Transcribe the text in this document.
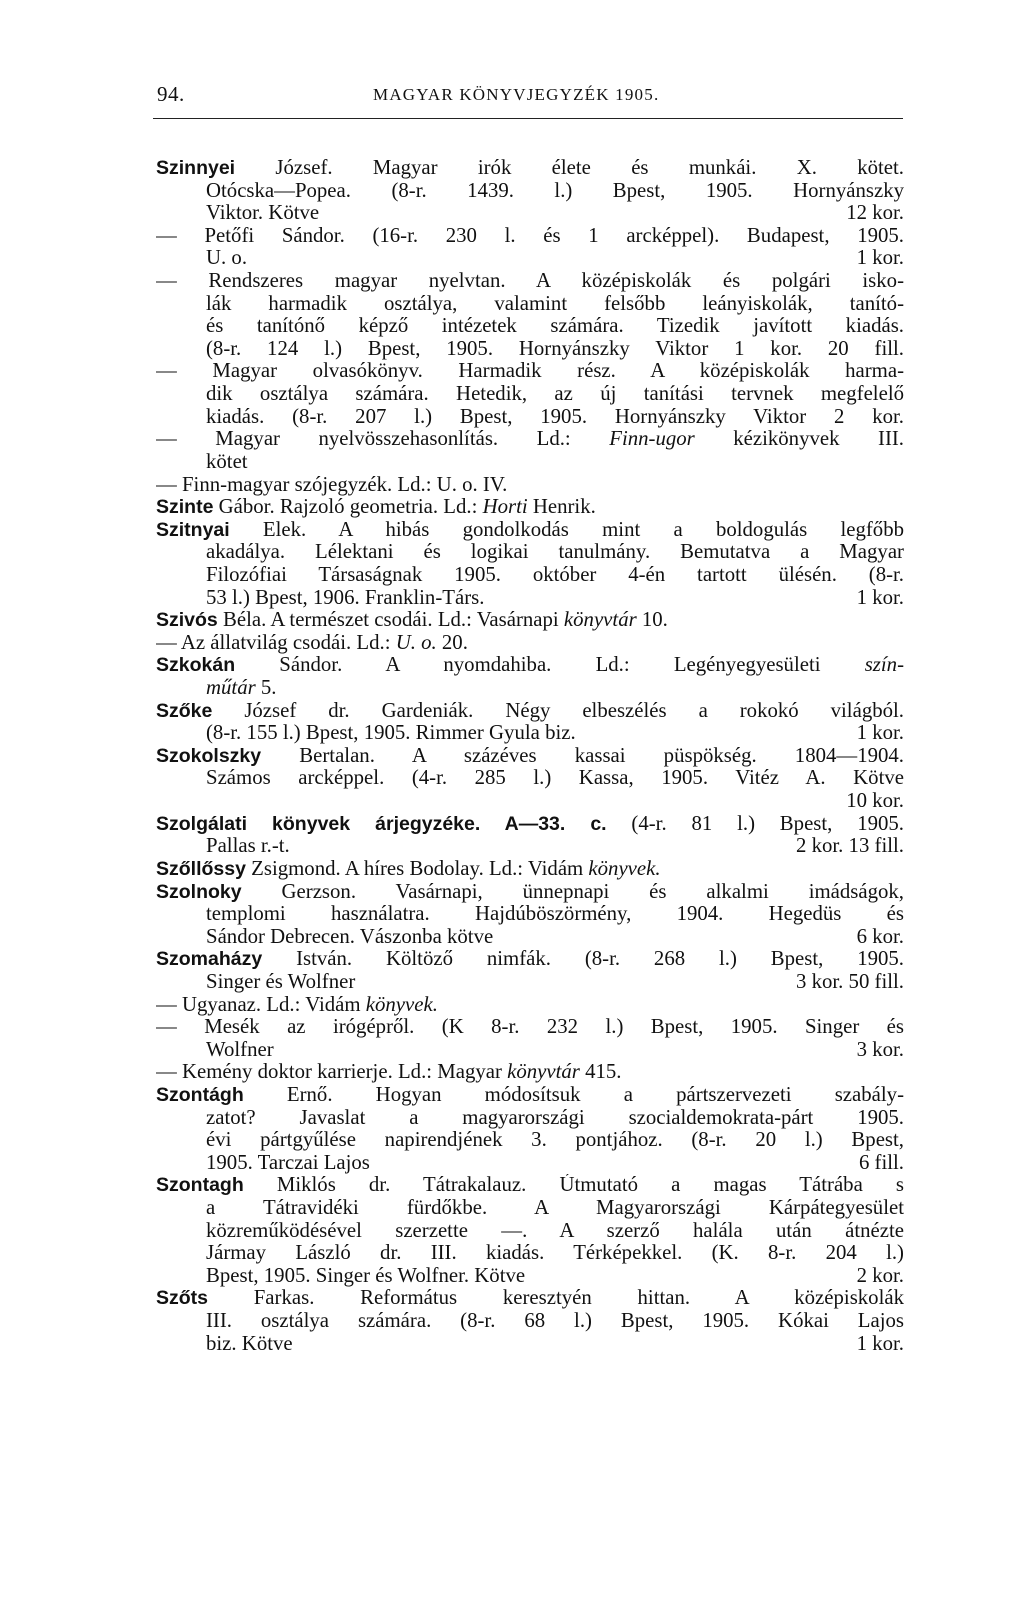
94.	MAGYAR KÖNYVJEGYZÉK 1905.
Szinnyei József. Magyar irók élete és munkái. X. kötet.
Otócska—Popea. (8-r. 1439. l.) Bpest, 1905. Hornyánszky
Viktor. Kötve	12 kor.
— Petőfi Sándor. (16-r. 230 l. és 1 arcképpel). Budapest, 1905.
U. o.	1 kor.
— Rendszeres magyar nyelvtan. A középiskolák és polgári isko-
lák harmadik osztálya, valamint felsőbb leányiskolák, tanító-
és tanítónő képző intézetek számára. Tizedik javított kiadás.
(8-r. 124 l.) Bpest, 1905. Hornyánszky Viktor 1 kor. 20 fill.
— Magyar olvasókönyv. Harmadik rész. A középiskolák harma-
dik osztálya számára. Hetedik, az új tanítási tervnek megfelelő
kiadás. (8-r. 207 l.) Bpest, 1905. Hornyánszky Viktor 2 kor.
— Magyar nyelvösszehasonlítás. Ld.: Finn-ugor kézikönyvek III.
kötet
— Finn-magyar szójegyzék. Ld.: U. o. IV.
Szinte Gábor. Rajzoló geometria. Ld.: Horti Henrik.
Szitnyai Elek. A hibás gondolkodás mint a boldogulás legfőbb
akadálya. Lélektani és logikai tanulmány. Bemutatva a Magyar
Filozófiai Társaságnak 1905. október 4-én tartott ülésén. (8-r.
53 l.) Bpest, 1906. Franklin-Társ.	1 kor.
Szivós Béla. A természet csodái. Ld.: Vasárnapi könyvtár 10.
— Az állatvilág csodái. Ld.: U. o. 20.
Szkokán Sándor. A nyomdahiba. Ld.: Legényegyesületi szín-
műtár 5.
Szőke József dr. Gardeniák. Négy elbeszélés a rokokó világból.
(8-r. 155 l.) Bpest, 1905. Rimmer Gyula biz.	1 kor.
Szokolszky Bertalan. A százéves kassai püspökség. 1804—1904.
Számos arcképpel. (4-r. 285 l.) Kassa, 1905. Vitéz A. Kötve
10 kor.
Szolgálati könyvek árjegyzéke. A—33. c. (4-r. 81 l.) Bpest, 1905.
Pallas r.-t.	2 kor. 13 fill.
Szőllőssy Zsigmond. A híres Bodolay. Ld.: Vidám könyvek.
Szolnoky Gerzson. Vasárnapi, ünnepnapi és alkalmi imádságok,
templomi használatra. Hajdúböszörmény, 1904. Hegedüs és
Sándor Debrecen. Vászonba kötve	6 kor.
Szomaházy István. Költöző nimfák. (8-r. 268 l.) Bpest, 1905.
Singer és Wolfner	3 kor. 50 fill.
— Ugyanaz. Ld.: Vidám könyvek.
— Mesék az irógépről. (K 8-r. 232 l.) Bpest, 1905. Singer és
Wolfner	3 kor.
— Kemény doktor karrierje. Ld.: Magyar könyvtár 415.
Szontágh Ernő. Hogyan módosítsuk a pártszervezeti szabály-
zatot? Javaslat a magyarországi szocialdemokrata-párt 1905.
évi pártgyűlése napirendjének 3. pontjához. (8-r. 20 l.) Bpest,
1905. Tarczai Lajos	6 fill.
Szontagh Miklós dr. Tátrakalauz. Útmutató a magas Tátrába s
a Tátravidéki fürdőkbe. A Magyarországi Kárpátegyesület
közreműködésével szerzette —. A szerző halála után átnézte
Jármay László dr. III. kiadás. Térképekkel. (K. 8-r. 204 l.)
Bpest, 1905. Singer és Wolfner. Kötve	2 kor.
Szőts Farkas. Református keresztyén hittan. A középiskolák
III. osztálya számára. (8-r. 68 l.) Bpest, 1905. Kókai Lajos
biz. Kötve	1 kor.
